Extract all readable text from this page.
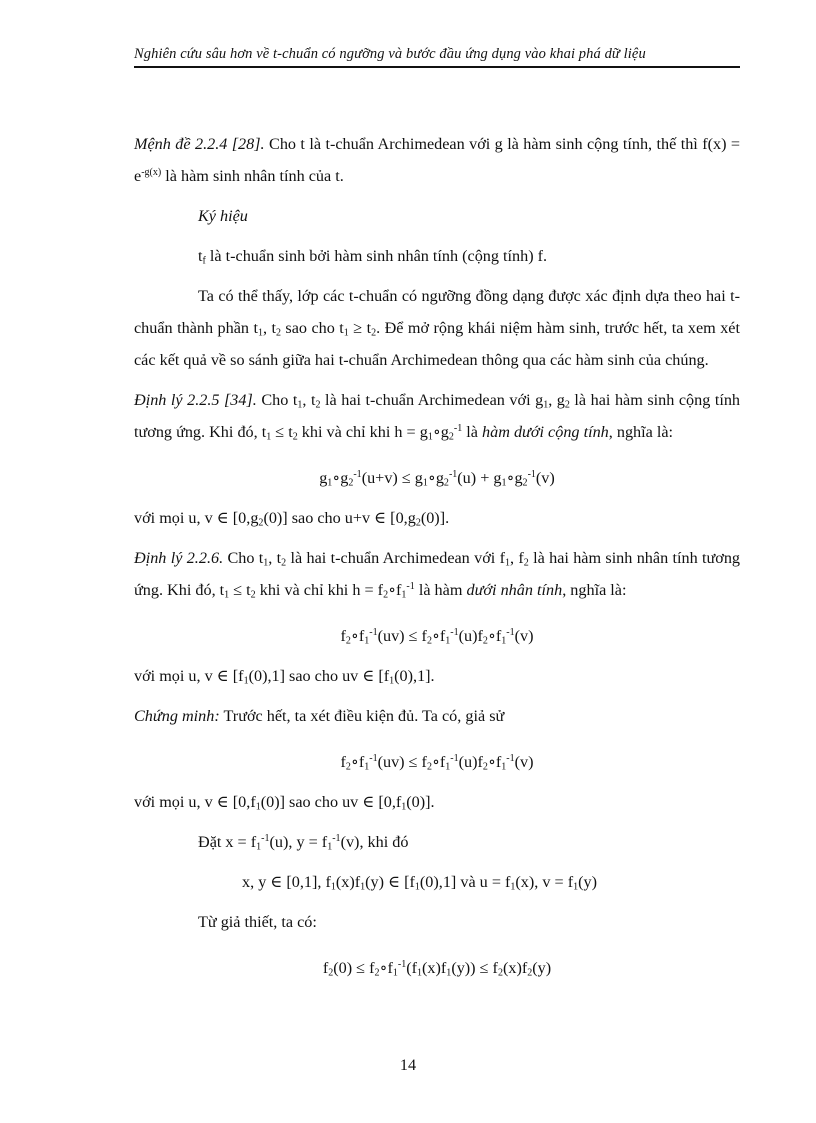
Nghiên cứu sâu hơn về t-chuẩn có ngưỡng và bước đầu ứng dụng vào khai phá dữ liệu

Mệnh đề 2.2.4 [28]. Cho t là t-chuẩn Archimedean với g là hàm sinh cộng tính, thế thì $f(x) = e^{-g(x)}$ là hàm sinh nhân tính của t.

Ký hiệu

$t_f$ là t-chuẩn sinh bởi hàm sinh nhân tính (cộng tính) f.

Ta có thể thấy, lớp các t-chuẩn có ngưỡng đồng dạng được xác định dựa theo hai t-chuẩn thành phần $t_1$, $t_2$ sao cho $t_1 \ge t_2$. Để mở rộng khái niệm hàm sinh, trước hết, ta xem xét các kết quả về so sánh giữa hai t-chuẩn Archimedean thông qua các hàm sinh của chúng.

Định lý 2.2.5 [34]. Cho $t_1$, $t_2$ là hai t-chuẩn Archimedean với $g_1$, $g_2$ là hai hàm sinh cộng tính tương ứng. Khi đó, $t_1 \le t_2$ khi và chỉ khi $h = g_1\circ g_2^{-1}$ là hàm dưới cộng tính, nghĩa là:

$g_1\circ g_2^{-1}(u+v)$ ≤ $g_1\circ g_2^{-1}(u)$ + $g_1\circ g_2^{-1}(v)$

với mọi u, v ∈ $[0,g_2(0)]$ sao cho u+v ∈ $[0,g_2(0)]$.

Định lý 2.2.6. Cho $t_1$, $t_2$ là hai t-chuẩn Archimedean với $f_1$, $f_2$ là hai hàm sinh nhân tính tương ứng. Khi đó, $t_1 \le t_2$ khi và chỉ khi $h = f_2\circ f_1^{-1}$ là hàm dưới nhân tính, nghĩa là:

$f_2\circ f_1^{-1}(uv)$ ≤ $f_2\circ f_1^{-1}(u)f_2\circ f_1^{-1}(v)$

với mọi u, v ∈ $[f_1(0),1]$ sao cho uv ∈ $[f_1(0),1]$.

Chứng minh: Trước hết, ta xét điều kiện đủ. Ta có, giả sử

$f_2\circ f_1^{-1}(uv)$ ≤ $f_2\circ f_1^{-1}(u)f_2\circ f_1^{-1}(v)$

với mọi u, v ∈ $[0,f_1(0)]$ sao cho uv ∈ $[0,f_1(0)]$.

Đặt $x = f_1^{-1}(u)$, $y = f_1^{-1}(v)$, khi đó

x, y ∈ [0,1], $f_1(x)f_1(y)$ ∈ $[f_1(0),1]$ và $u = f_1(x)$, $v = f_1(y)$

Từ giả thiết, ta có:

$f_2(0)$ ≤ $f_2\circ f_1^{-1}(f_1(x)f_1(y)) \le f_2(x)f_2(y)$

14
